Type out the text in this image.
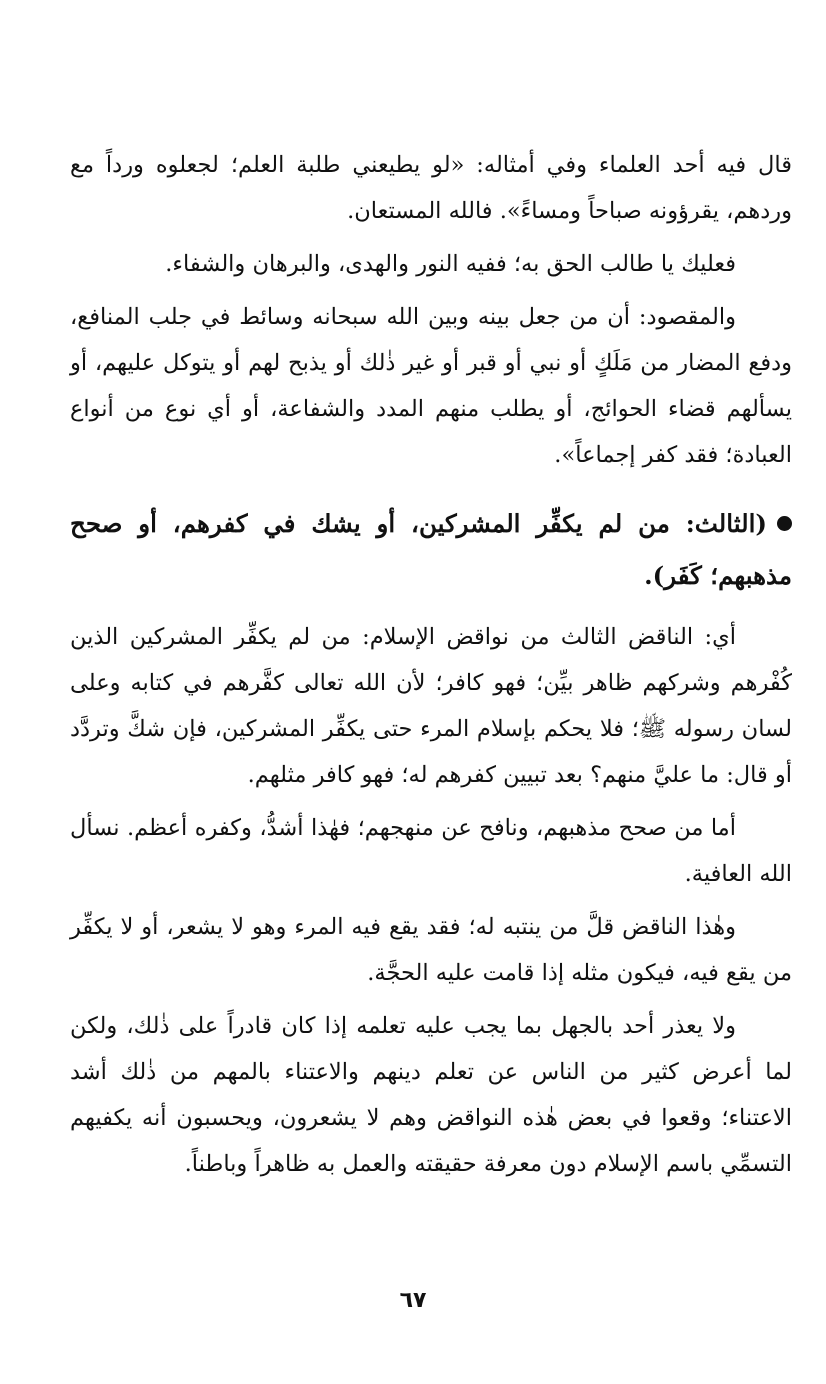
قال فيه أحد العلماء وفي أمثاله: «لو يطيعني طلبة العلم؛ لجعلوه ورداً مع وردهم، يقرؤونه صباحاً ومساءً». فالله المستعان.

فعليك يا طالب الحق به؛ ففيه النور والهدى، والبرهان والشفاء.

والمقصود: أن من جعل بينه وبين الله سبحانه وسائط في جلب المنافع، ودفع المضار من مَلَكٍ أو نبي أو قبر أو غير ذٰلك أو يذبح لهم أو يتوكل عليهم، أو يسألهم قضاء الحوائج، أو يطلب منهم المدد والشفاعة، أو أي نوع من أنواع العبادة؛ فقد كفر إجماعاً».

(الثالث: من لم يكفِّر المشركين، أو يشك في كفرهم، أو صحح مذهبهم؛ كَفَر).

أي: الناقض الثالث من نواقض الإسلام: من لم يكفِّر المشركين الذين كُفْرهم وشركهم ظاهر بيِّن؛ فهو كافر؛ لأن الله تعالى كفَّرهم في كتابه وعلى لسان رسوله ﷺ؛ فلا يحكم بإسلام المرء حتى يكفِّر المشركين، فإن شكَّ وتردَّد أو قال: ما عليَّ منهم؟ بعد تبيين كفرهم له؛ فهو كافر مثلهم.

أما من صحح مذهبهم، ونافح عن منهجهم؛ فهٰذا أشدُّ، وكفره أعظم. نسأل الله العافية.

وهٰذا الناقض قلَّ من ينتبه له؛ فقد يقع فيه المرء وهو لا يشعر، أو لا يكفِّر من يقع فيه، فيكون مثله إذا قامت عليه الحجَّة.

ولا يعذر أحد بالجهل بما يجب عليه تعلمه إذا كان قادراً على ذٰلك، ولكن لما أعرض كثير من الناس عن تعلم دينهم والاعتناء بالمهم من ذٰلك أشد الاعتناء؛ وقعوا في بعض هٰذه النواقض وهم لا يشعرون، ويحسبون أنه يكفيهم التسمِّي باسم الإسلام دون معرفة حقيقته والعمل به ظاهراً وباطناً.

٦٧
